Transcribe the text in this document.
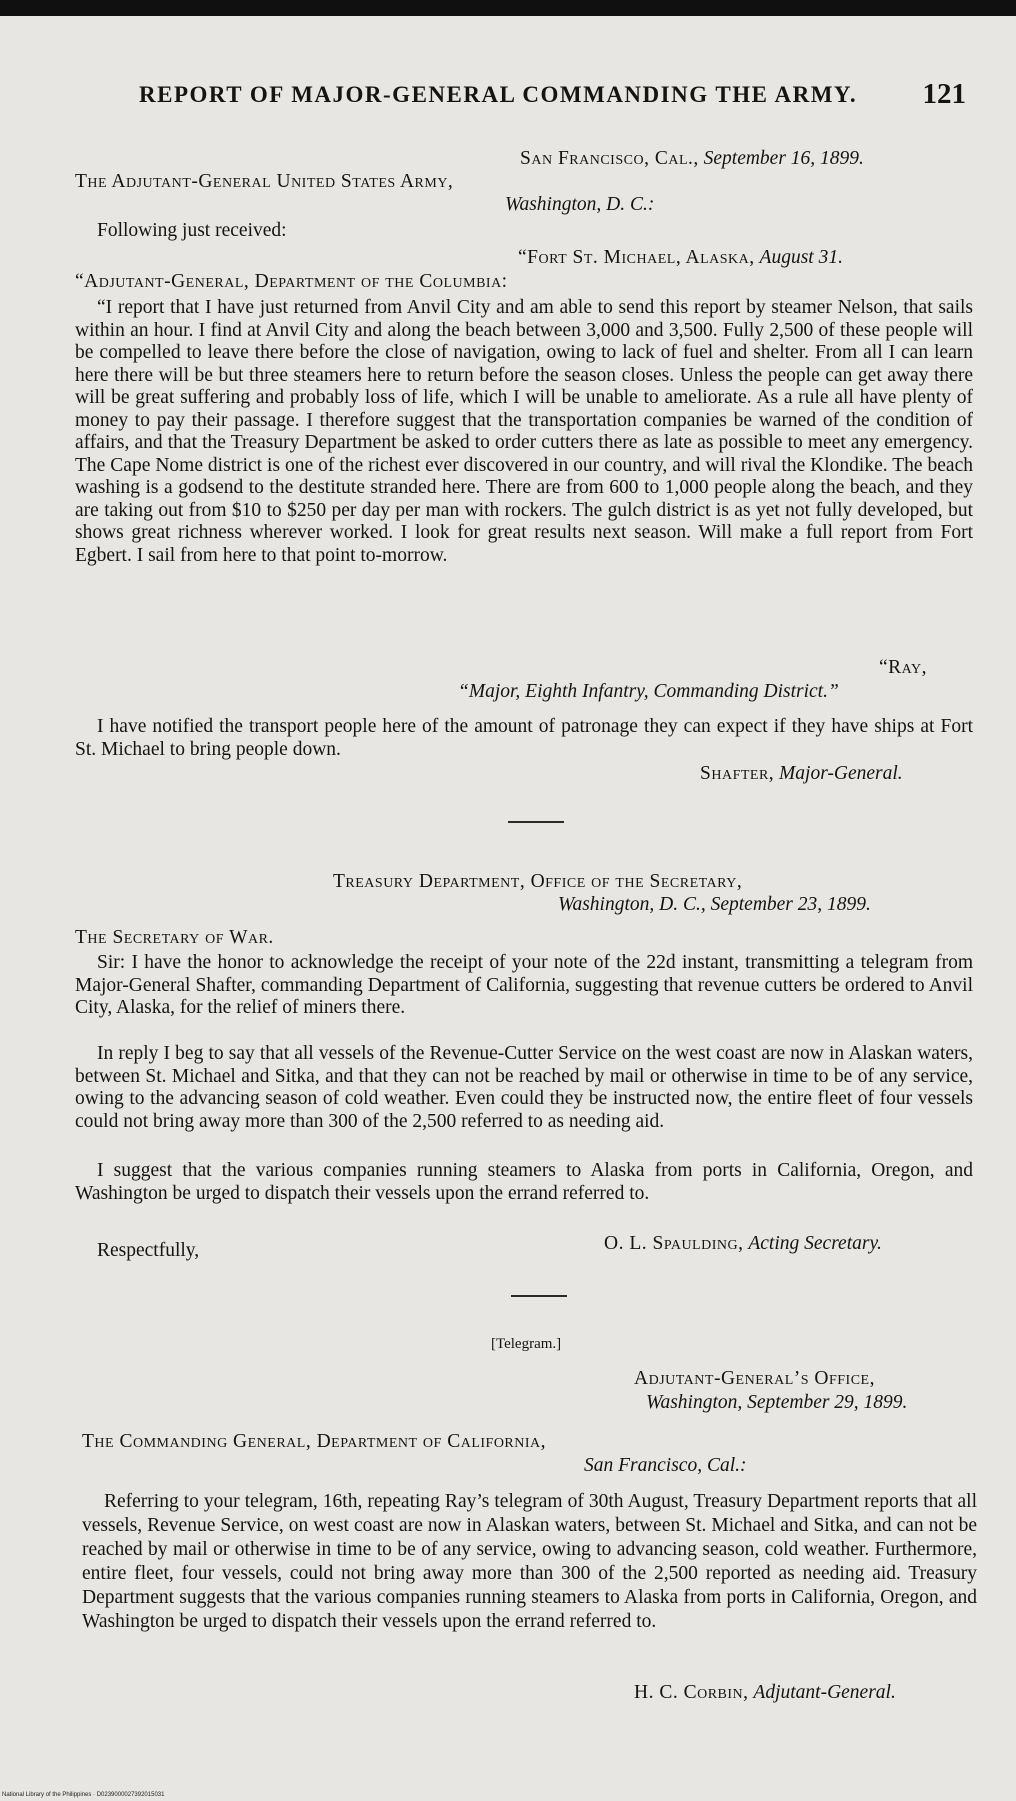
REPORT OF MAJOR-GENERAL COMMANDING THE ARMY. 121
San Francisco, Cal., September 16, 1899.
The Adjutant-General United States Army,
Washington, D. C.:
Following just received:
“Fort St. Michael, Alaska, August 31.
“Adjutant-General, Department of the Columbia:
“I report that I have just returned from Anvil City and am able to send this report by steamer Nelson, that sails within an hour. I find at Anvil City and along the beach between 3,000 and 3,500. Fully 2,500 of these people will be compelled to leave there before the close of navigation, owing to lack of fuel and shelter. From all I can learn here there will be but three steamers here to return before the season closes. Unless the people can get away there will be great suffering and probably loss of life, which I will be unable to ameliorate. As a rule all have plenty of money to pay their passage. I therefore suggest that the transportation companies be warned of the condition of affairs, and that the Treasury Department be asked to order cutters there as late as possible to meet any emergency. The Cape Nome district is one of the richest ever discovered in our country, and will rival the Klondike. The beach washing is a godsend to the destitute stranded here. There are from 600 to 1,000 people along the beach, and they are taking out from $10 to $250 per day per man with rockers. The gulch district is as yet not fully developed, but shows great richness wherever worked. I look for great results next season. Will make a full report from Fort Egbert. I sail from here to that point to-morrow.
“Ray,
“Major, Eighth Infantry, Commanding District.”
I have notified the transport people here of the amount of patronage they can expect if they have ships at Fort St. Michael to bring people down.
Shafter, Major-General.
Treasury Department, Office of the Secretary,
Washington, D. C., September 23, 1899.
The Secretary of War.
Sir: I have the honor to acknowledge the receipt of your note of the 22d instant, transmitting a telegram from Major-General Shafter, commanding Department of California, suggesting that revenue cutters be ordered to Anvil City, Alaska, for the relief of miners there.
In reply I beg to say that all vessels of the Revenue-Cutter Service on the west coast are now in Alaskan waters, between St. Michael and Sitka, and that they can not be reached by mail or otherwise in time to be of any service, owing to the advancing season of cold weather. Even could they be instructed now, the entire fleet of four vessels could not bring away more than 300 of the 2,500 referred to as needing aid.
I suggest that the various companies running steamers to Alaska from ports in California, Oregon, and Washington be urged to dispatch their vessels upon the errand referred to.
Respectfully,	O. L. Spaulding, Acting Secretary.
[Telegram.]
Adjutant-General’s Office,
Washington, September 29, 1899.
The Commanding General, Department of California,
San Francisco, Cal.:
Referring to your telegram, 16th, repeating Ray’s telegram of 30th August, Treasury Department reports that all vessels, Revenue Service, on west coast are now in Alaskan waters, between St. Michael and Sitka, and can not be reached by mail or otherwise in time to be of any service, owing to advancing season, cold weather. Furthermore, entire fleet, four vessels, could not bring away more than 300 of the 2,500 reported as needing aid. Treasury Department suggests that the various companies running steamers to Alaska from ports in California, Oregon, and Washington be urged to dispatch their vessels upon the errand referred to.
H. C. Corbin, Adjutant-General.
National Library of the Philippines · D0239000027392015031
